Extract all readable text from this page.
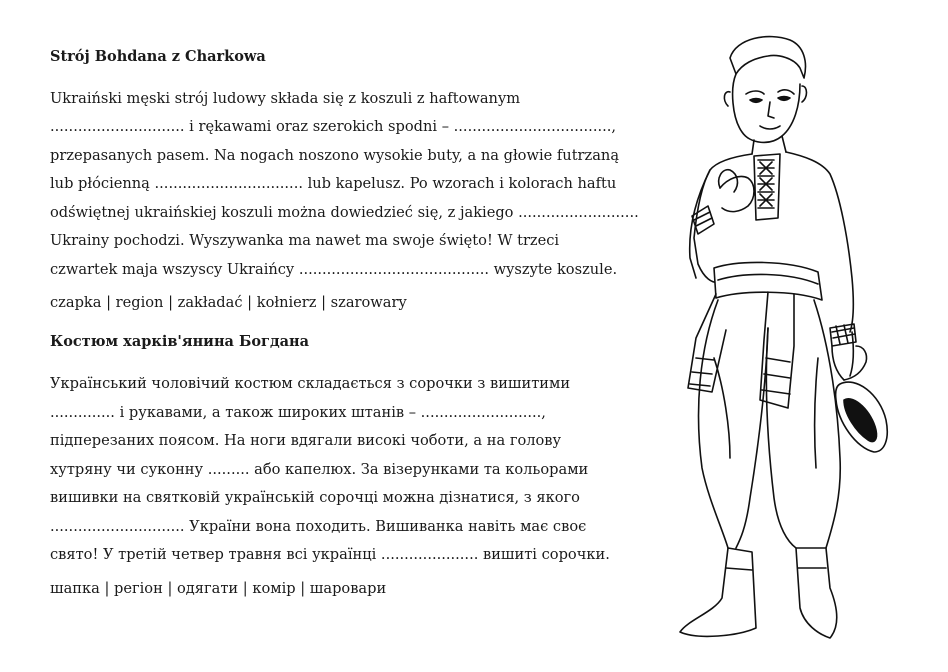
Strój Bohdana z Charkowa

Ukraiński męski strój ludowy składa się z koszuli z haftowanym

............................. i rękawami oraz szerokich spodni – ..................................,

przepasanych pasem. Na nogach noszono wysokie buty, a na głowie futrzaną

lub płócienną ................................ lub kapelusz. Po wzorach i kolorach haftu

odświętnej ukraińskiej koszuli można dowiedzieć się, z jakiego ..........................

Ukrainy pochodzi. Wyszywanka ma nawet ma swoje święto! W trzeci

czwartek maja wszyscy Ukraińcy ......................................... wyszyte koszule.

czapka | region | zakładać | kołnierz | szarowary
Костюм харків'янина Богдана

Український чоловічий костюм складається з сорочки з вишитими

.............. і рукавами, а також широких штанів – ..........................,

підперезаних поясом. На ноги вдягали високі чоботи, а на голову

хутряну чи суконну ......... або капелюх. За візерунками та кольорами

вишивки на святковій українській сорочці можна дізнатися, з якого

............................. України вона походить. Вишиванка навіть має своє

свято! У третій четвер травня всі українці ..................... вишиті сорочки.

шапка | регіон | одягати | комір | шаровари
